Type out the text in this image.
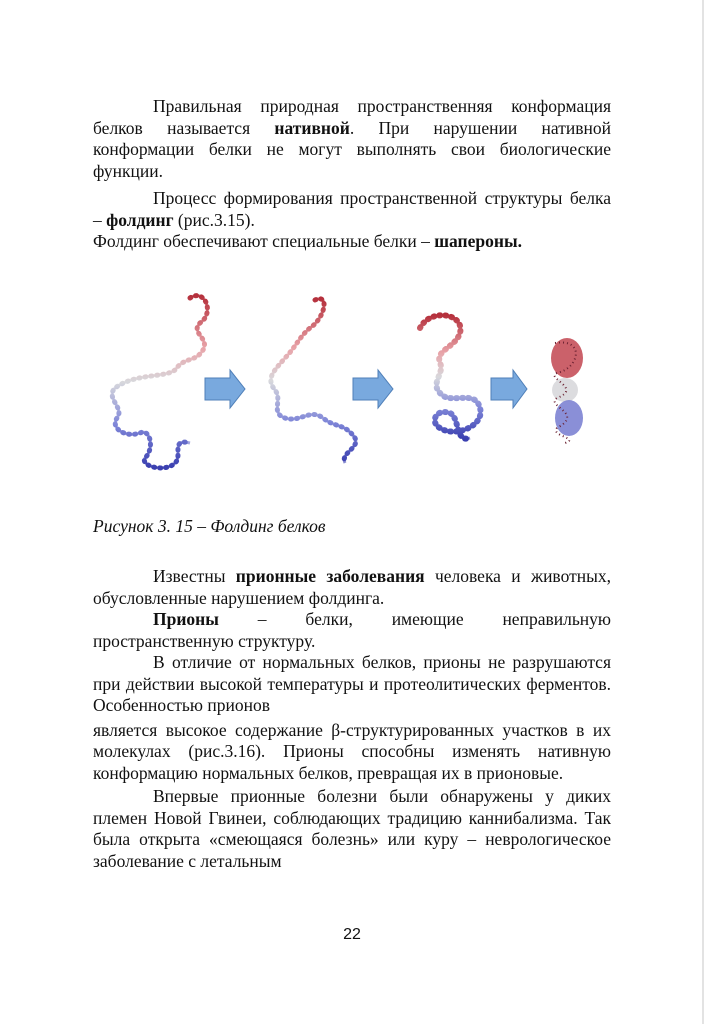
Правильная природная пространственняя конформация белков называется нативной. При нарушении нативной конформации белки не могут выполнять свои биологические функции.

Процесс формирования пространственной структуры белка – фолдинг (рис.3.15).

Фолдинг обеспечивают специальные белки – шапероны.

Рисунок 3. 15 – Фолдинг белков

Известны прионные заболевания человека и животных, обусловленные нарушением фолдинга.

Прионы – белки, имеющие неправильную пространственную структуру.

В отличие от нормальных белков, прионы не разрушаются при действии высокой температуры и протеолитических ферментов. Особенностью прионов

является высокое содержание β-структурированных участков в их молекулах (рис.3.16). Прионы способны изменять нативную конформацию нормальных белков, превращая их в прионовые.

Впервые прионные болезни были обнаружены у диких племен Новой Гвинеи, соблюдающих традицию каннибализма. Так была открыта «смеющаяся болезнь» или куру – неврологическое заболевание с летальным

22
